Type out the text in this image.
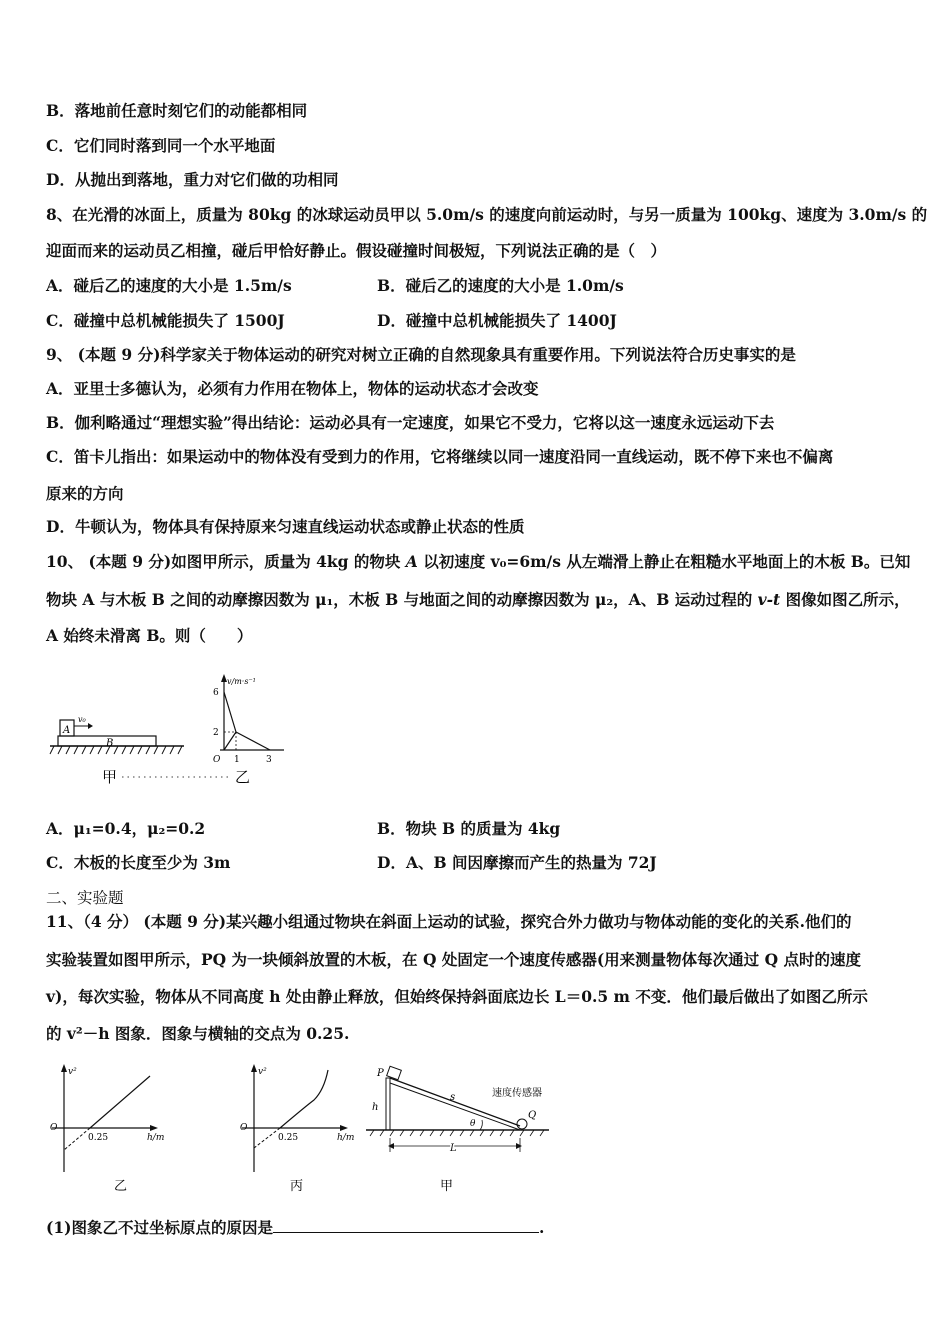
B．落地前任意时刻它们的动能都相同
C．它们同时落到同一个水平地面
D．从抛出到落地，重力对它们做的功相同
8、在光滑的冰面上，质量为 80kg 的冰球运动员甲以 5.0m/s 的速度向前运动时，与另一质量为 100kg、速度为 3.0m/s 的
迎面而来的运动员乙相撞，碰后甲恰好静止。假设碰撞时间极短，下列说法正确的是（　）
A．碰后乙的速度的大小是 1.5m/s	B．碰后乙的速度的大小是 1.0m/s
C．碰撞中总机械能损失了 1500J	D．碰撞中总机械能损失了 1400J
9、 (本题 9 分)科学家关于物体运动的研究对树立正确的自然现象具有重要作用。下列说法符合历史事实的是
A．亚里士多德认为，必须有力作用在物体上，物体的运动状态才会改变
B．伽利略通过“理想实验”得出结论：运动必具有一定速度，如果它不受力，它将以这一速度永远运动下去
C．笛卡儿指出：如果运动中的物体没有受到力的作用，它将继续以同一速度沿同一直线运动，既不停下来也不偏离
原来的方向
D．牛顿认为，物体具有保持原来匀速直线运动状态或静止状态的性质
10、 (本题 9 分)如图甲所示，质量为 4kg 的物块 A 以初速度 v₀=6m/s 从左端滑上静止在粗糙水平地面上的木板 B。已知
物块 A 与木板 B 之间的动摩擦因数为 μ₁，木板 B 与地面之间的动摩擦因数为 μ₂，A、B 运动过程的 v-t 图像如图乙所示，
A 始终未滑离 B。则（　　）
A
B
v₀
甲	乙
v/m·s⁻¹
6
2
O 1	3
A．μ₁=0.4，μ₂=0.2	B．物块 B 的质量为 4kg
C．木板的长度至少为 3m	D．A、B 间因摩擦而产生的热量为 72J
二、实验题
11、（4 分） (本题 9 分)某兴趣小组通过物块在斜面上运动的试验，探究合外力做功与物体动能的变化的关系.他们的
实验装置如图甲所示，PQ 为一块倾斜放置的木板，在 Q 处固定一个速度传感器(用来测量物体每次通过 Q 点时的速度
v)，每次实验，物体从不同高度 h 处由静止释放，但始终保持斜面底边长 L＝0.5 m 不变．他们最后做出了如图乙所示
的 v²－h 图象．图象与横轴的交点为 0.25.
v²
O
0.25	h/m
乙
v²
O
0.25	h/m
丙
P
Q
s
h
θ
速度传感器
L
甲
(1)图象乙不过坐标原点的原因是	.
